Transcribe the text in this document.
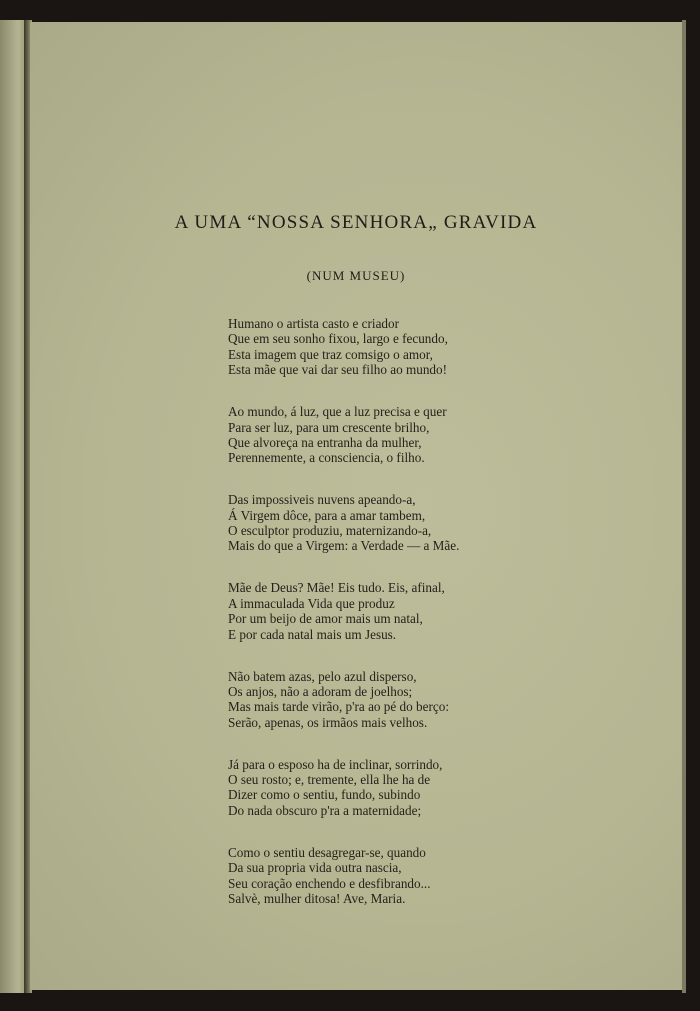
A UMA “NOSSA SENHORA„ GRAVIDA
(NUM MUSEU)
Humano o artista casto e criador
Que em seu sonho fixou, largo e fecundo,
Esta imagem que traz comsigo o amor,
Esta mãe que vai dar seu filho ao mundo!
Ao mundo, á luz, que a luz precisa e quer
Para ser luz, para um crescente brilho,
Que alvoreça na entranha da mulher,
Perennemente, a consciencia, o filho.
Das impossiveis nuvens apeando-a,
Á Virgem dôce, para a amar tambem,
O esculptor produziu, maternizando-a,
Mais do que a Virgem: a Verdade — a Mãe.
Mãe de Deus? Mãe! Eis tudo. Eis, afinal,
A immaculada Vida que produz
Por um beijo de amor mais um natal,
E por cada natal mais um Jesus.
Não batem azas, pelo azul disperso,
Os anjos, não a adoram de joelhos;
Mas mais tarde virão, p'ra ao pé do berço:
Serão, apenas, os irmãos mais velhos.
Já para o esposo ha de inclinar, sorrindo,
O seu rosto; e, tremente, ella lhe ha de
Dizer como o sentiu, fundo, subindo
Do nada obscuro p'ra a maternidade;
Como o sentiu desagregar-se, quando
Da sua propria vida outra nascia,
Seu coração enchendo e desfibrando...
Salvè, mulher ditosa! Ave, Maria.
